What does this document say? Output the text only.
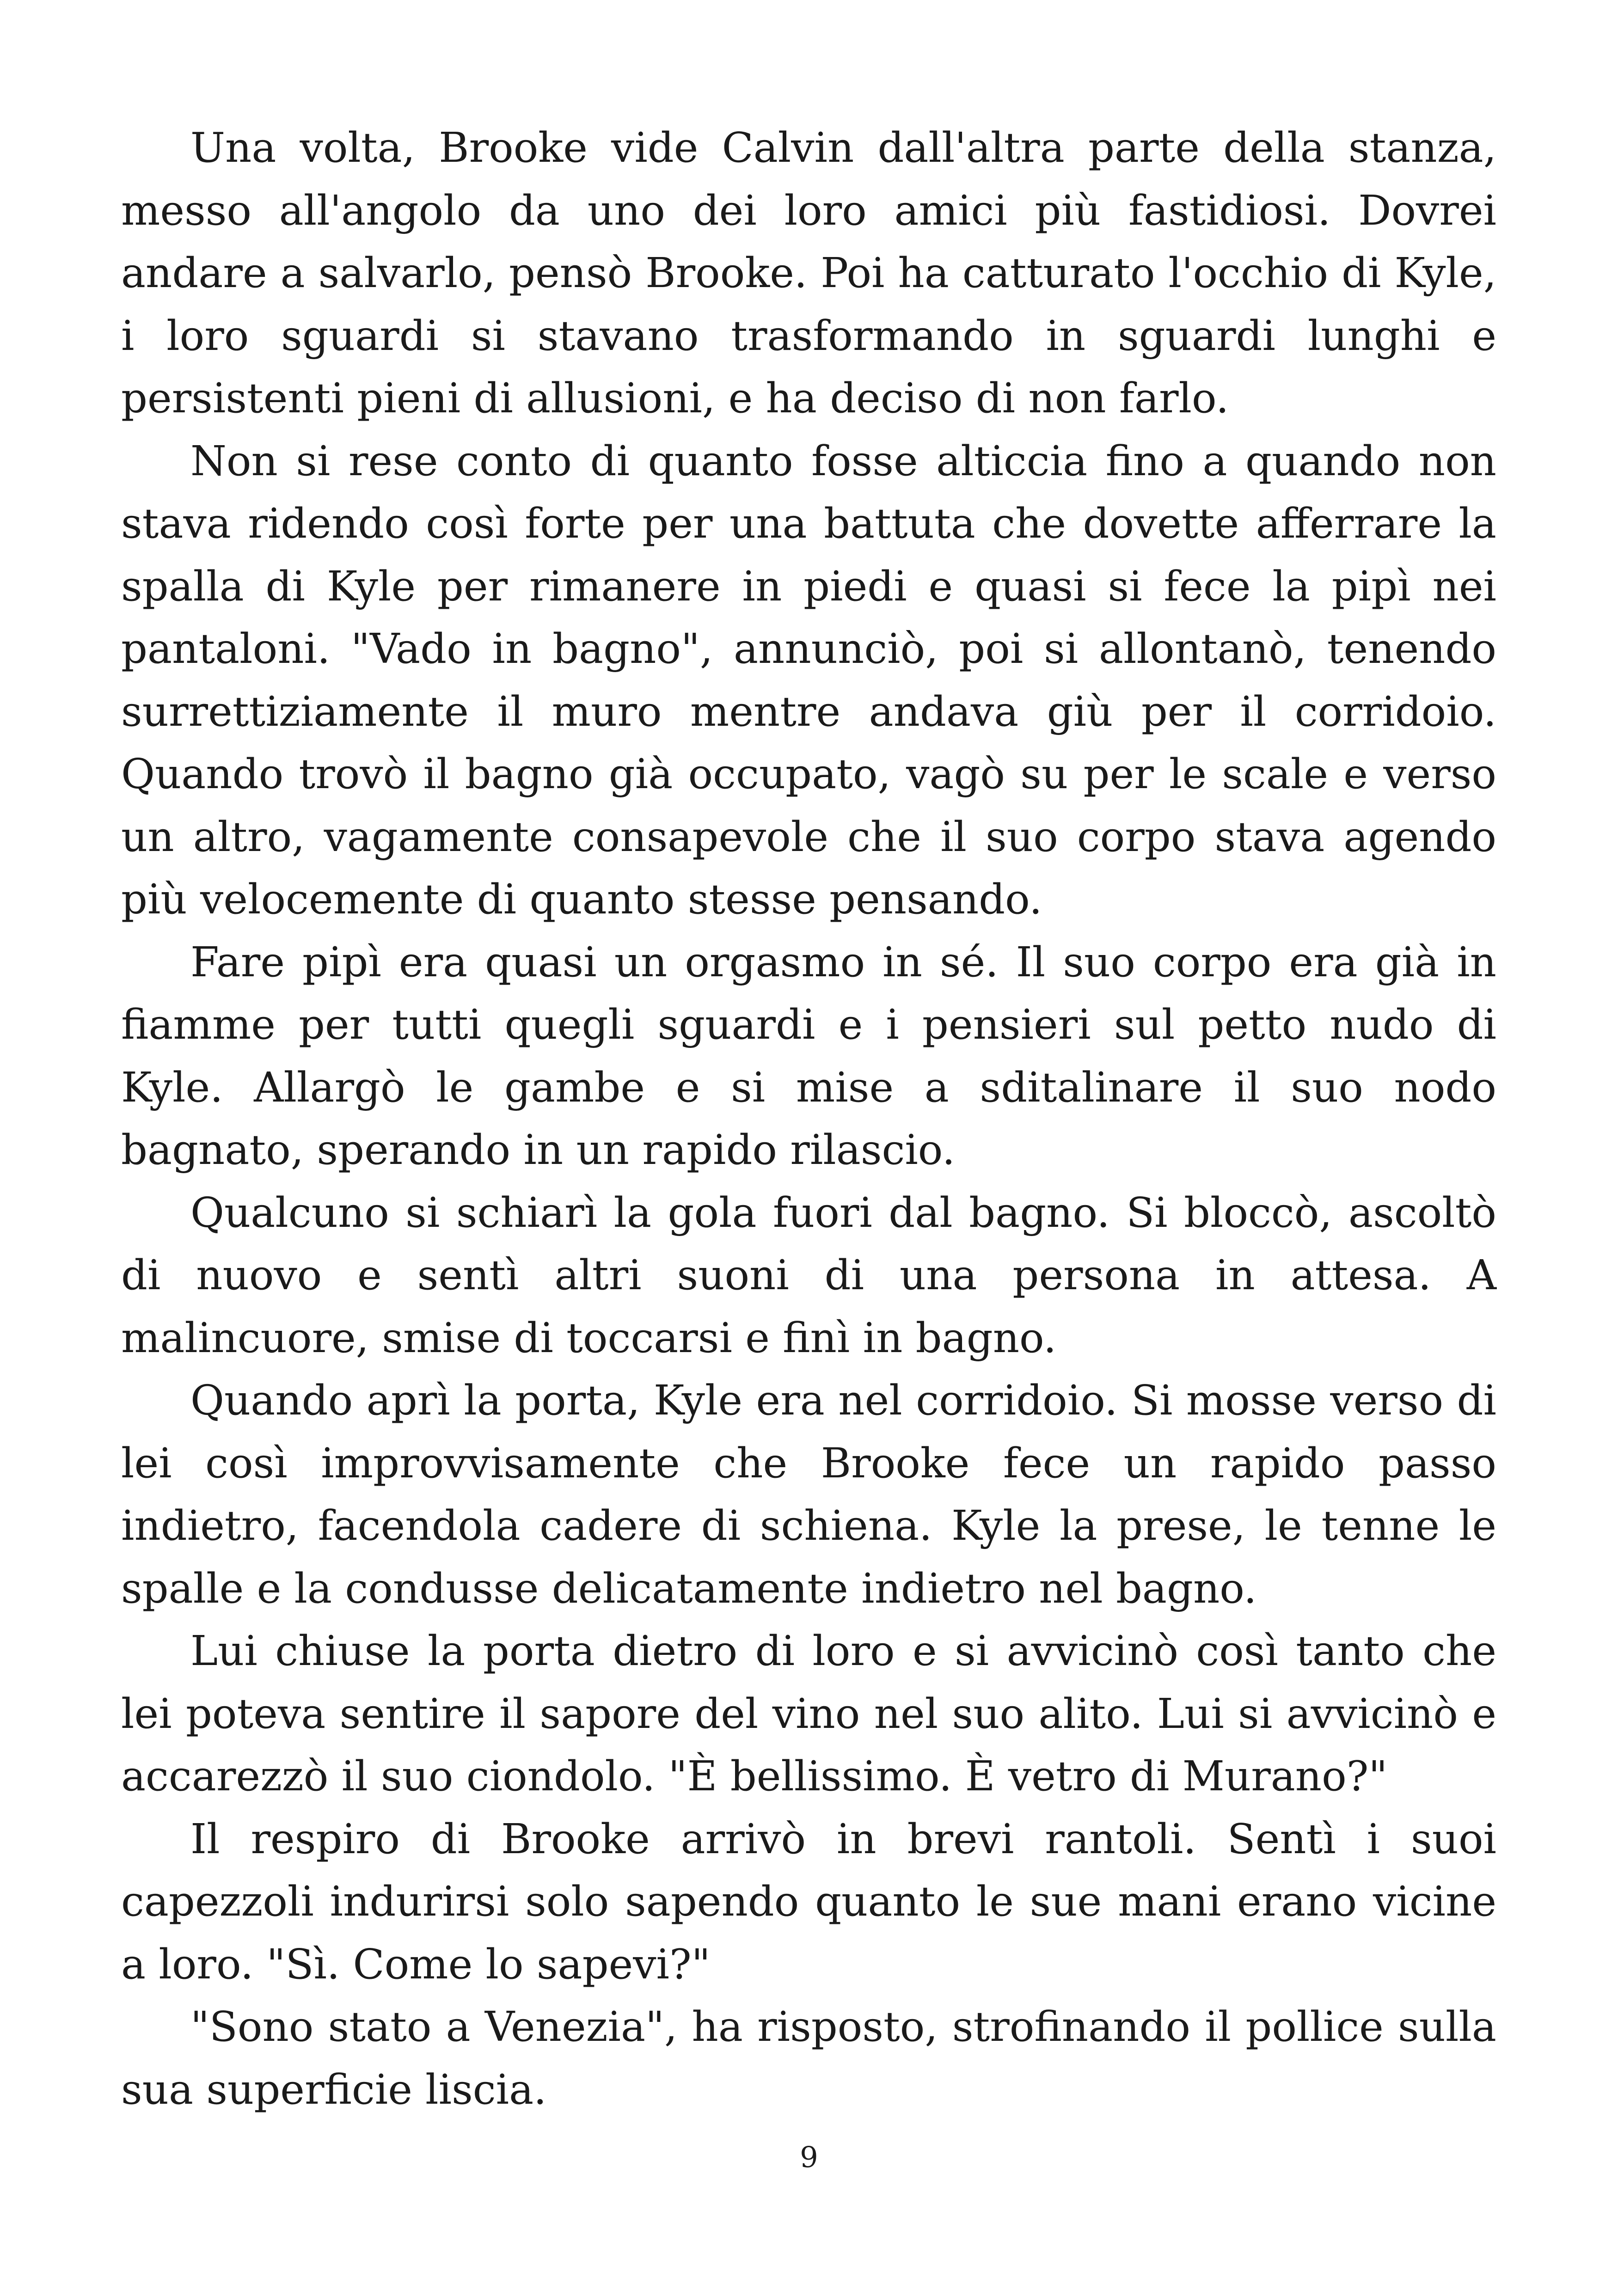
Una volta, Brooke vide Calvin dall'altra parte della stanza, messo all'angolo da uno dei loro amici più fastidiosi. Dovrei andare a salvarlo, pensò Brooke. Poi ha catturato l'occhio di Kyle, i loro sguardi si stavano trasformando in sguardi lunghi e persistenti pieni di allusioni, e ha deciso di non farlo.

Non si rese conto di quanto fosse alticcia fino a quando non stava ridendo così forte per una battuta che dovette afferrare la spalla di Kyle per rimanere in piedi e quasi si fece la pipì nei pantaloni. "Vado in bagno", annunciò, poi si allontanò, tenendo surrettiziamente il muro mentre andava giù per il corridoio. Quando trovò il bagno già occupato, vagò su per le scale e verso un altro, vagamente consapevole che il suo corpo stava agendo più velocemente di quanto stesse pensando.

Fare pipì era quasi un orgasmo in sé. Il suo corpo era già in fiamme per tutti quegli sguardi e i pensieri sul petto nudo di Kyle. Allargò le gambe e si mise a sditalinare il suo nodo bagnato, sperando in un rapido rilascio.

Qualcuno si schiarì la gola fuori dal bagno. Si bloccò, ascoltò di nuovo e sentì altri suoni di una persona in attesa. A malincuore, smise di toccarsi e finì in bagno.

Quando aprì la porta, Kyle era nel corridoio. Si mosse verso di lei così improvvisamente che Brooke fece un rapido passo indietro, facendola cadere di schiena. Kyle la prese, le tenne le spalle e la condusse delicatamente indietro nel bagno.

Lui chiuse la porta dietro di loro e si avvicinò così tanto che lei poteva sentire il sapore del vino nel suo alito. Lui si avvicinò e accarezzò il suo ciondolo. "È bellissimo. È vetro di Murano?"

Il respiro di Brooke arrivò in brevi rantoli. Sentì i suoi capezzoli indurirsi solo sapendo quanto le sue mani erano vicine a loro. "Sì. Come lo sapevi?"

"Sono stato a Venezia", ha risposto, strofinando il pollice sulla sua superficie liscia.

9
